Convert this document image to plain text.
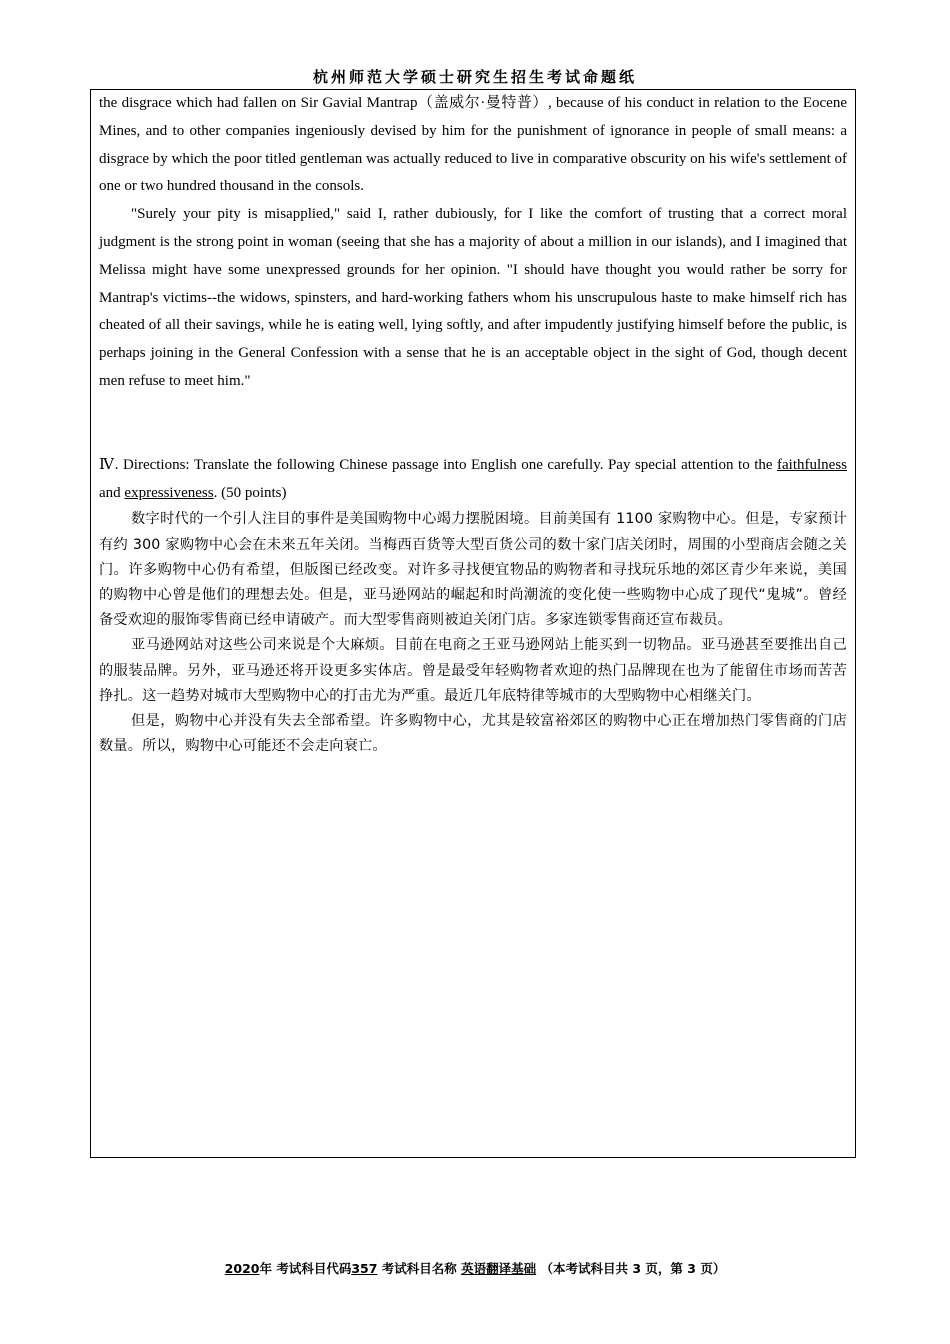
杭州师范大学硕士研究生招生考试命题纸

the disgrace which had fallen on Sir Gavial Mantrap（盖威尔·曼特普）, because of his conduct in relation to the Eocene Mines, and to other companies ingeniously devised by him for the punishment of ignorance in people of small means: a disgrace by which the poor titled gentleman was actually reduced to live in comparative obscurity on his wife's settlement of one or two hundred thousand in the consols.

"Surely your pity is misapplied," said I, rather dubiously, for I like the comfort of trusting that a correct moral judgment is the strong point in woman (seeing that she has a majority of about a million in our islands), and I imagined that Melissa might have some unexpressed grounds for her opinion. "I should have thought you would rather be sorry for Mantrap's victims--the widows, spinsters, and hard-working fathers whom his unscrupulous haste to make himself rich has cheated of all their savings, while he is eating well, lying softly, and after impudently justifying himself before the public, is perhaps joining in the General Confession with a sense that he is an acceptable object in the sight of God, though decent men refuse to meet him."

Ⅳ. Directions: Translate the following Chinese passage into English one carefully. Pay special attention to the faithfulness and expressiveness. (50 points)

数字时代的一个引人注目的事件是美国购物中心竭力摆脱困境。目前美国有 1100 家购物中心。但是，专家预计有约 300 家购物中心会在未来五年关闭。当梅西百货等大型百货公司的数十家门店关闭时，周围的小型商店会随之关门。许多购物中心仍有希望，但版图已经改变。对许多寻找便宜物品的购物者和寻找玩乐地的郊区青少年来说，美国的购物中心曾是他们的理想去处。但是，亚马逊网站的崛起和时尚潮流的变化使一些购物中心成了现代“鬼城”。曾经备受欢迎的服饰零售商已经申请破产。而大型零售商则被迫关闭门店。多家连锁零售商还宣布裁员。

亚马逊网站对这些公司来说是个大麻烦。目前在电商之王亚马逊网站上能买到一切物品。亚马逊甚至要推出自己的服装品牌。另外，亚马逊还将开设更多实体店。曾是最受年轻购物者欢迎的热门品牌现在也为了能留住市场而苦苦挣扎。这一趋势对城市大型购物中心的打击尤为严重。最近几年底特律等城市的大型购物中心相继关门。

但是，购物中心并没有失去全部希望。许多购物中心，尤其是较富裕郊区的购物中心正在增加热门零售商的门店数量。所以，购物中心可能还不会走向衰亡。

2020年 考试科目代码357 考试科目名称 英语翻译基础 （本考试科目共 3 页，第 3 页）
